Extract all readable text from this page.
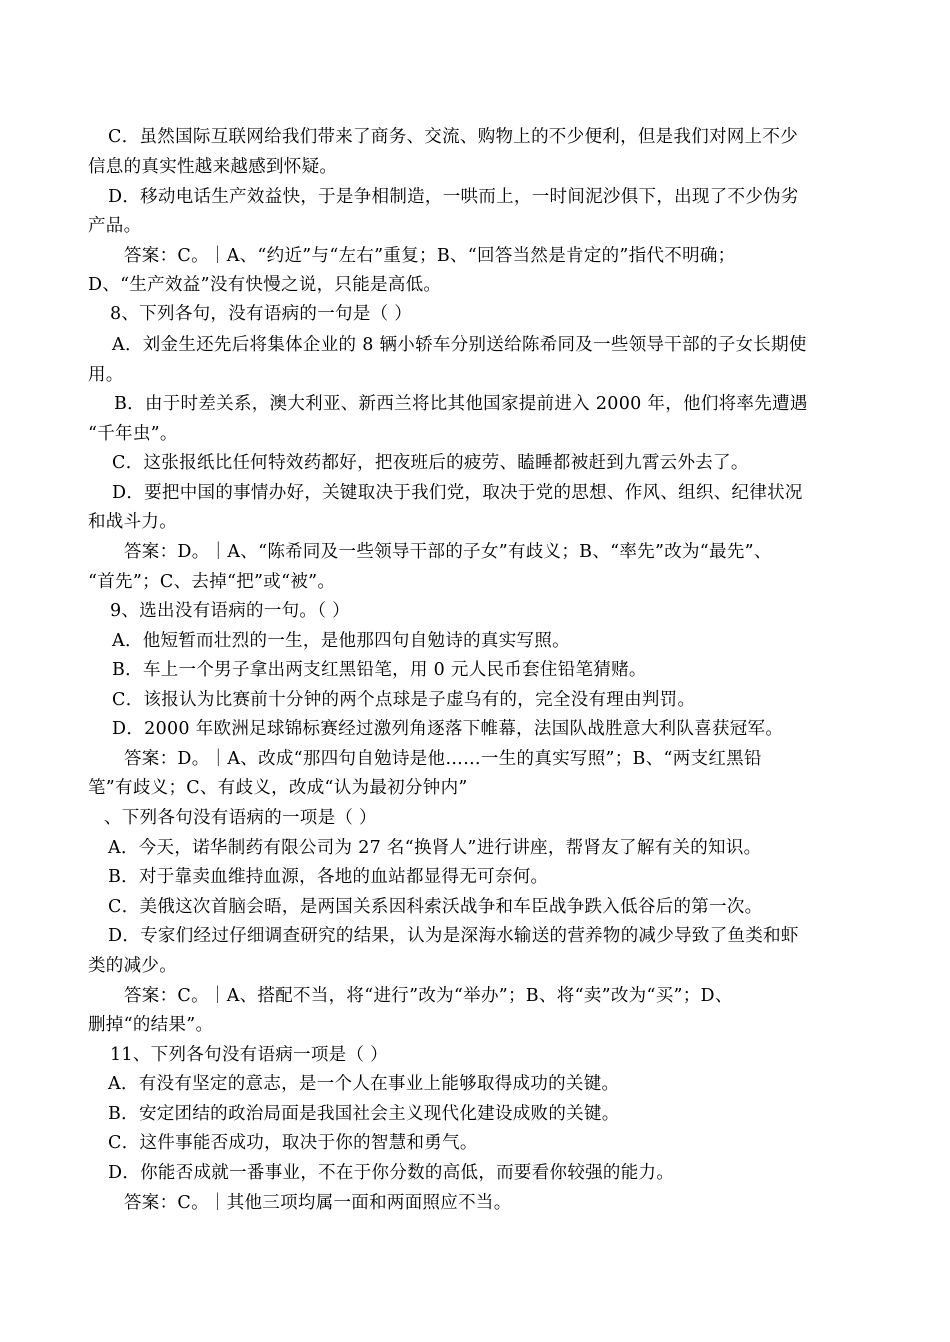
C．虽然国际互联网给我们带来了商务、交流、购物上的不少便利，但是我们对网上不少
信息的真实性越来越感到怀疑。
D．移动电话生产效益快，于是争相制造，一哄而上，一时间泥沙俱下，出现了不少伪劣
产品。
答案：C。｜A、“约近”与“左右”重复；B、“回答当然是肯定的”指代不明确；
D、“生产效益”没有快慢之说，只能是高低。
8、下列各句，没有语病的一句是（ ）
A．刘金生还先后将集体企业的 8 辆小轿车分别送给陈希同及一些领导干部的子女长期使
用。
B．由于时差关系，澳大利亚、新西兰将比其他国家提前进入 2000 年，他们将率先遭遇
“千年虫”。
C．这张报纸比任何特效药都好，把夜班后的疲劳、瞌睡都被赶到九霄云外去了。
D．要把中国的事情办好，关键取决于我们党，取决于党的思想、作风、组织、纪律状况
和战斗力。
答案：D。｜A、“陈希同及一些领导干部的子女”有歧义；B、“率先”改为“最先”、
“首先”；C、去掉“把”或“被”。
9、选出没有语病的一句。（ ）
A．他短暂而壮烈的一生，是他那四句自勉诗的真实写照。
B．车上一个男子拿出两支红黑铅笔，用 0 元人民币套住铅笔猜赌。
C．该报认为比赛前十分钟的两个点球是子虚乌有的，完全没有理由判罚。
D．2000 年欧洲足球锦标赛经过激列角逐落下帷幕，法国队战胜意大利队喜获冠军。
答案：D。｜A、改成“那四句自勉诗是他……一生的真实写照”；B、“两支红黑铅
笔”有歧义；C、有歧义，改成“认为最初分钟内”
、下列各句没有语病的一项是（ ）
A．今天，诺华制药有限公司为 27 名“换肾人”进行讲座，帮肾友了解有关的知识。
B．对于靠卖血维持血源，各地的血站都显得无可奈何。
C．美俄这次首脑会晤，是两国关系因科索沃战争和车臣战争跌入低谷后的第一次。
D．专家们经过仔细调查研究的结果，认为是深海水输送的营养物的减少导致了鱼类和虾
类的减少。
答案：C。｜A、搭配不当，将“进行”改为“举办”；B、将“卖”改为“买”；D、
删掉“的结果”。
11、下列各句没有语病一项是（ ）
A．有没有坚定的意志，是一个人在事业上能够取得成功的关键。
B．安定团结的政治局面是我国社会主义现代化建设成败的关键。
C．这件事能否成功，取决于你的智慧和勇气。
D．你能否成就一番事业，不在于你分数的高低，而要看你较强的能力。
答案：C。｜其他三项均属一面和两面照应不当。
